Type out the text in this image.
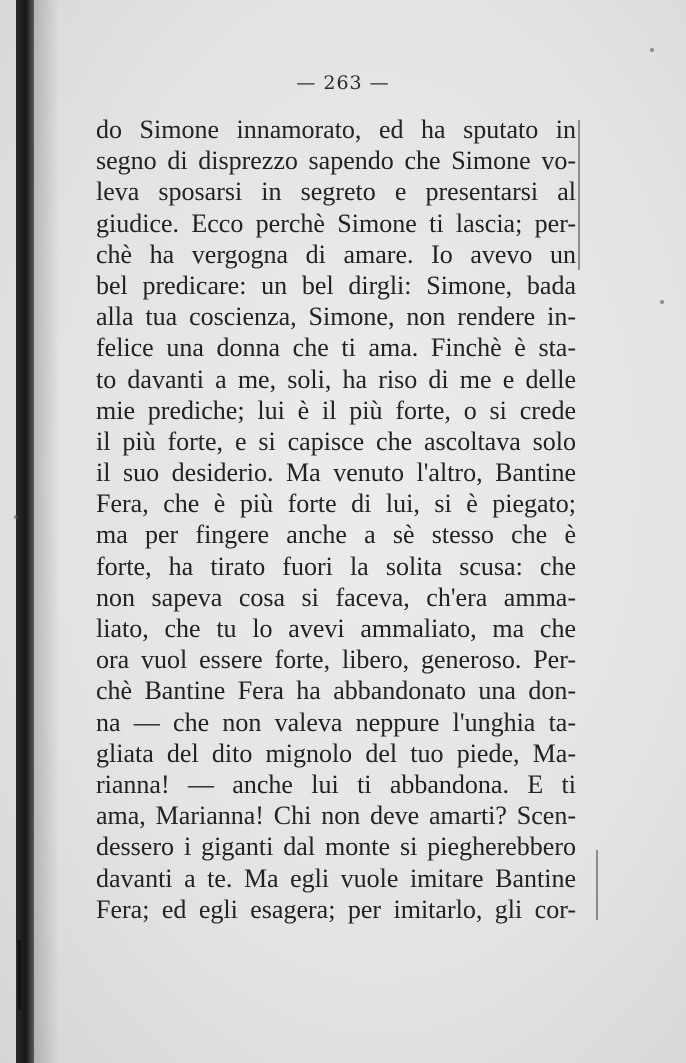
— 263 —
do Simone innamorato, ed ha sputato in
segno di disprezzo sapendo che Simone vo-
leva sposarsi in segreto e presentarsi al
giudice. Ecco perchè Simone ti lascia; per-
chè ha vergogna di amare. Io avevo un
bel predicare: un bel dirgli: Simone, bada
alla tua coscienza, Simone, non rendere in-
felice una donna che ti ama. Finchè è sta-
to davanti a me, soli, ha riso di me e delle
mie prediche; lui è il più forte, o si crede
il più forte, e si capisce che ascoltava solo
il suo desiderio. Ma venuto l'altro, Bantine
Fera, che è più forte di lui, si è piegato;
ma per fingere anche a sè stesso che è
forte, ha tirato fuori la solita scusa: che
non sapeva cosa si faceva, ch'era amma-
liato, che tu lo avevi ammaliato, ma che
ora vuol essere forte, libero, generoso. Per-
chè Bantine Fera ha abbandonato una don-
na — che non valeva neppure l'unghia ta-
gliata del dito mignolo del tuo piede, Ma-
rianna! — anche lui ti abbandona. E ti
ama, Marianna! Chi non deve amarti? Scen-
dessero i giganti dal monte si piegherebbero
davanti a te. Ma egli vuole imitare Bantine
Fera; ed egli esagera; per imitarlo, gli cor-
